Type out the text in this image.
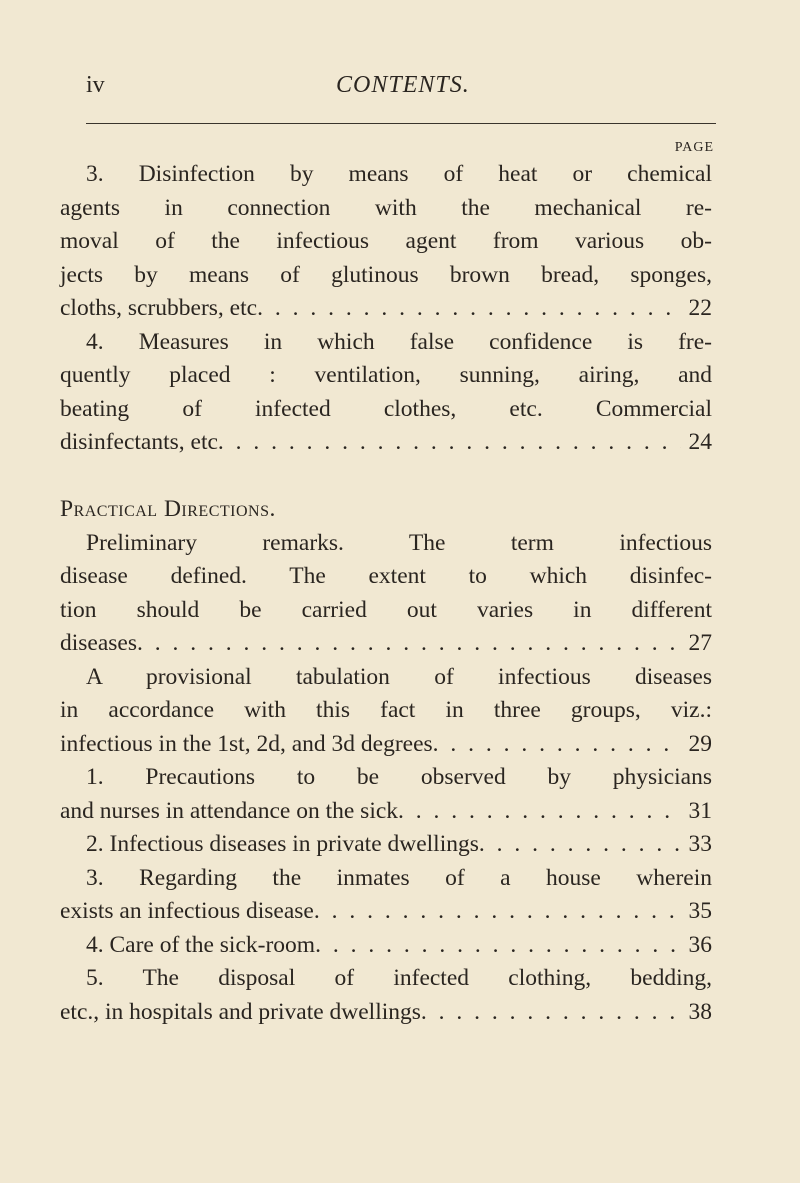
iv	CONTENTS.
PAGE
3. Disinfection by means of heat or chemical
agents in connection with the mechanical re-
moval of the infectious agent from various ob-
jects by means of glutinous brown bread, sponges,
cloths, scrubbers, etc . . .	22
4. Measures in which false confidence is fre-
quently placed : ventilation, sunning, airing, and
beating of infected clothes, etc. Commercial
disinfectants, etc . . .	24
Practical Directions.
Preliminary remarks. The term infectious
disease defined. The extent to which disinfec-
tion should be carried out varies in different
diseases . . .	27
A provisional tabulation of infectious diseases
in accordance with this fact in three groups, viz.:
infectious in the 1st, 2d, and 3d degrees . . .	29
1. Precautions to be observed by physicians
and nurses in attendance on the sick . . .	31
2. Infectious diseases in private dwellings . . .	33
3. Regarding the inmates of a house wherein
exists an infectious disease . . .	35
4. Care of the sick-room . . .	36
5. The disposal of infected clothing, bedding,
etc., in hospitals and private dwellings . . .	38
